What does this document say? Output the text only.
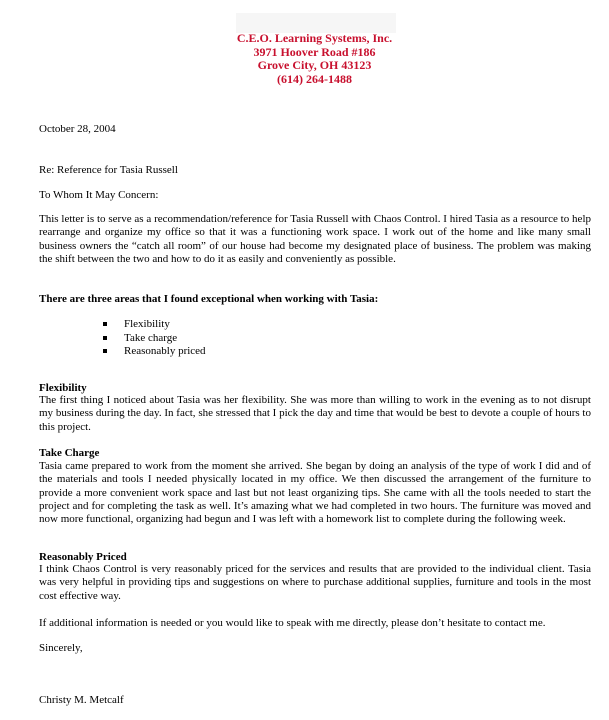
C.E.O. Learning Systems, Inc.
3971 Hoover Road #186
Grove City, OH 43123
(614) 264-1488
October 28, 2004
Re: Reference for Tasia Russell
To Whom It May Concern:
This letter is to serve as a recommendation/reference for Tasia Russell with Chaos Control. I hired Tasia as a resource to help rearrange and organize my office so that it was a functioning work space. I work out of the home and like many small business owners the “catch all room” of our house had become my designated place of business. The problem was making the shift between the two and how to do it as easily and conveniently as possible.
There are three areas that I found exceptional when working with Tasia:
Flexibility
Take charge
Reasonably priced
Flexibility
The first thing I noticed about Tasia was her flexibility. She was more than willing to work in the evening as to not disrupt my business during the day. In fact, she stressed that I pick the day and time that would be best to devote a couple of hours to this project.
Take Charge
Tasia came prepared to work from the moment she arrived. She began by doing an analysis of the type of work I did and of the materials and tools I needed physically located in my office. We then discussed the arrangement of the furniture to provide a more convenient work space and last but not least organizing tips. She came with all the tools needed to start the project and for completing the task as well. It’s amazing what we had completed in two hours. The furniture was moved and now more functional, organizing had begun and I was left with a homework list to complete during the following week.
Reasonably Priced
I think Chaos Control is very reasonably priced for the services and results that are provided to the individual client. Tasia was very helpful in providing tips and suggestions on where to purchase additional supplies, furniture and tools in the most cost effective way.
If additional information is needed or you would like to speak with me directly, please don’t hesitate to contact me.
Sincerely,
Christy M. Metcalf
